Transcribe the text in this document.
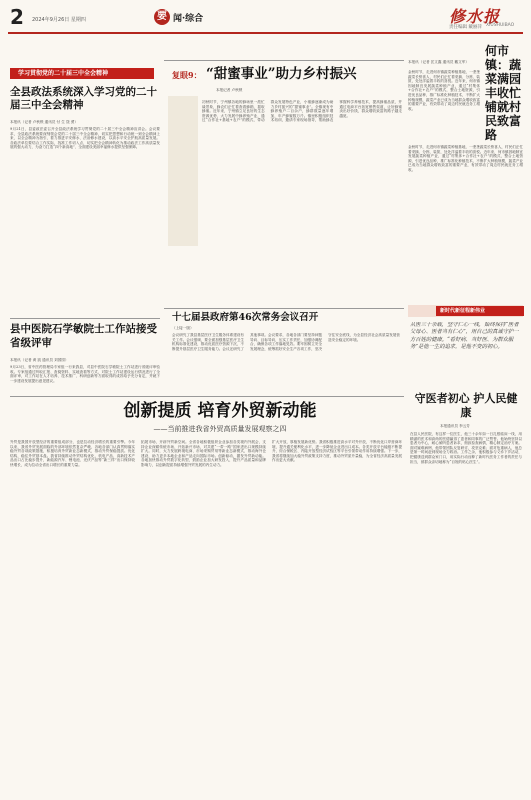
2 2024年9月26日 星期四	要 闻·综合	修水报
XIUSHUIBAO
责任编辑 戴丽萍
学习贯彻党的二十届三中全会精神
全县政法系统深入学习党的二十届三中全会精神
本报讯（记者 卢秋锁 通讯员 付 生 饶 勇）
9月21日，县委政法委召开全县政法系统学习贯彻党的二十届三中全会精神宣讲会。会议要求，全县政法系统要深刻领会党的二十届三中全会精神，切实把思想和行动统一到全会精神上来，以全会精神为指引，着力推进平安修水、法治修水建设，以高水平安全护航高质量发展。各政法单位要结合工作实际，找准工作切入点，切实把全会精神转化为推动政法工作高质量发展的强大动力，为奋力打造“四个新高地”、全面建设美丽幸福修水提供坚强保障。
复眼9： “甜蜜事业”助力乡村振兴
本报记者 卢秋锁
初秋时节，宁州镇各地的蜂场里一派忙碌景象，蜂农们正忙着查看蜂箱、摇取蜂蜜。近年来，宁州镇立足良好的生态资源优势，大力发展中蜂养殖产业，通过“合作社+基地+农户”的模式，带动群众发展特色产业，小蜜蜂逐渐成为助力乡村振兴的“甜蜜事业”。全镇现有中蜂养殖户二百余户，蜂群数量逐年增加，年产蜂蜜数万斤。镇里积极组织技术培训，邀请专家现场指导，帮助蜂农掌握科学养殖技术，提高蜂蜜品质，并通过电商平台拓宽销售渠道，让好蜂蜜卖出好价钱，群众增收致富的路子越走越宽。
本报讯（记者 匡文鑫 通讯员 戴文军）
何市镇：蔬菜满园丰收忙 铺就村民致富路
金秋时节，走进何市镇蔬菜种植基地，一垄垄蔬菜长势喜人，村民们正忙着采摘、分拣、装筐，处处洋溢着丰收的喜悦。近年来，何市镇因地制宜发展蔬菜种植产业，通过“村集体+合作社+农户”的模式，整合土地资源，引进优良品种，推广标准化种植技术，不断扩大种植规模，蔬菜产业已成为当地群众增收致富的重要产业，有效带动了周边村民就近务工增收。
金秋时节，走进何市镇蔬菜种植基地，一垄垄蔬菜长势喜人，村民们正忙着采摘、分拣、装筐，处处洋溢着丰收的喜悦。近年来，何市镇因地制宜发展蔬菜种植产业，通过“村集体+合作社+农户”的模式，整合土地资源，引进优良品种，推广标准化种植技术，不断扩大种植规模，蔬菜产业已成为当地群众增收致富的重要产业，有效带动了周边村民就近务工增收。
县中医院石学敏院士工作站接受省级评审
本报讯（记者 黄 凯 通讯员 刘园园）
9月23日，省中医药管理局专家组一行来我县，对县中医院石学敏院士工作站进行省级评审验收。专家组通过听取汇报、查阅资料、实地查看等方式，对院士工作站建设运行情况进行了全面评审，对工作站在人才培养、技术推广、科研创新等方面取得的成效给予充分肯定，并就下一步建设发展提出意见建议。
十七届县政府第46次常务会议召开
（上接一版）
会议研究了我县基层医疗卫生服务体系建设有关工作。会议强调，要全面加强基层医疗卫生机构标准化建设，推动优质医疗资源下沉，不断提升基层医疗卫生服务能力。会议还研究了其他事项。会议要求，各地各部门要坚持问题导向、目标导向，压实工作责任，加强协调配合，确保各项工作落地见效。要牢固树立安全发展理念，统筹抓好安全生产各项工作，坚决守住安全底线，为全县经济社会高质量发展营造安全稳定的环境。
新时代新征程新伟业
从医三十余载，坚守仁心一线，始终保持“医者父母心、医者当有仁心”，用自己的真诚守护一方百姓的健康。“看好病、当好医、为群众服务”是他一生的追求，是他不变的初心。
守医者初心 护人民健康
本报通讯员 李云芳
在县人民医院，有这样一位医生，他三十余年如一日扎根临床一线，用精湛的医术和高尚的医德赢得了患者和同事的广泛赞誉。他始终坚持以患者为中心，耐心倾听患者诉求，细致检查病情，精心制定治疗方案。面对疑难病例，他带领团队反复研讨，攻坚克难；面对危重病人，他总是第一时间赶到现场全力救治。工作之余，他积极参与义诊下乡活动，把健康送到群众家门口，用实际行动诠释了新时代医务工作者的责任与担当，被群众亲切地称为“百姓的贴心医生”。
创新提质 培育外贸新动能
——当前推进我省外贸高质量发展观察之四
外贸是我国开放型经济的重要组成部分，也是拉动经济增长的重要引擎。今年以来，我省外贸发展面临的外部环境依然复杂严峻，各地各部门认真贯彻落实稳外贸各项政策措施，积极培育外贸新业态新模式，推动外贸保稳提质。优化结构，稳住外贸基本盘。我省持续推动外贸结构优化，机电产品、高新技术产品出口占比稳步提升，新能源汽车、锂电池、光伏产品等“新三样”出口保持较快增长，成为拉动全省出口增长的重要力量。
拓展市场，开辟外贸新空间。全省各地积极组织企业参加各类境内外展会，支持企业深耕传统市场、开拓新兴市场，对共建“一带一路”国家进出口规模持续扩大。同时，大力发展跨境电商、市场采购贸易等新业态新模式，推动海外仓建设，助力更多本地企业和产品走向国际市场。创新驱动，激发外贸新动能。各地加快推动外贸数字化转型，鼓励企业加大研发投入，提升产品质量和品牌影响力，以创新提质持续增强外贸发展的内生动力。
扩大开放，厚植发展新优势。我省积极推进高水平对外开放，不断优化口岸营商环境，提升通关便利化水平，进一步降低企业进出口成本。各类开放平台能级不断提升，综合保税区、内陆开放型经济试验区等平台引领带动作用持续增强。下一步，我省将继续加大稳外贸政策支持力度，推动外贸质升量稳，为全省经济高质量发展作出更大贡献。
